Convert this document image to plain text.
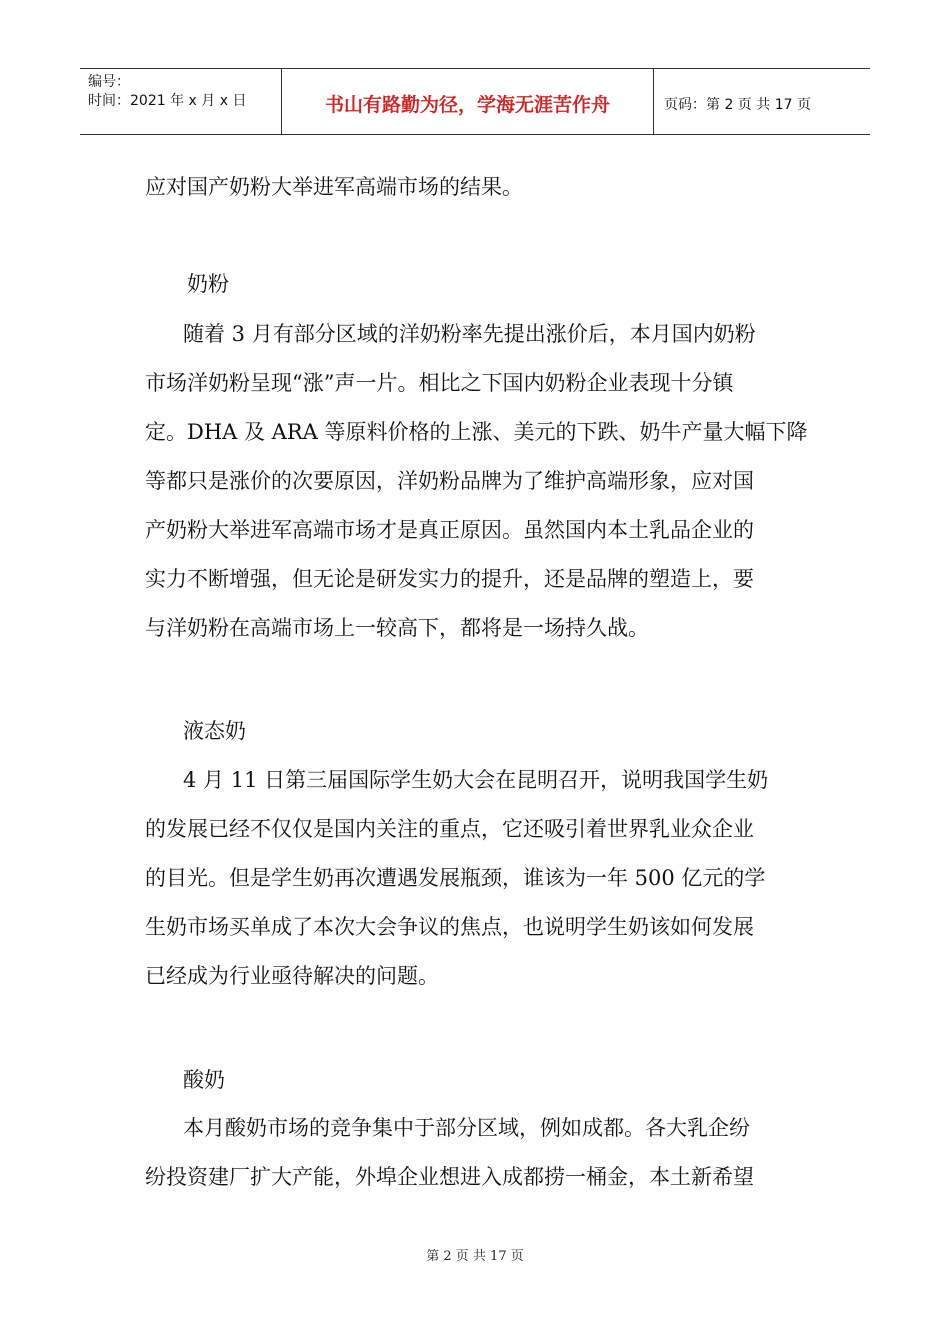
编号：
时间：2021 年 x 月 x 日	书山有路勤为径，学海无涯苦作舟	页码：第 2 页 共 17 页
应对国产奶粉大举进军高端市场的结果。
奶粉
随着 3 月有部分区域的洋奶粉率先提出涨价后，本月国内奶粉
市场洋奶粉呈现“涨”声一片。相比之下国内奶粉企业表现十分镇
定。DHA 及 ARA 等原料价格的上涨、美元的下跌、奶牛产量大幅下降
等都只是涨价的次要原因，洋奶粉品牌为了维护高端形象，应对国
产奶粉大举进军高端市场才是真正原因。虽然国内本土乳品企业的
实力不断增强，但无论是研发实力的提升，还是品牌的塑造上，要
与洋奶粉在高端市场上一较高下，都将是一场持久战。
液态奶
4 月 11 日第三届国际学生奶大会在昆明召开，说明我国学生奶
的发展已经不仅仅是国内关注的重点，它还吸引着世界乳业众企业
的目光。但是学生奶再次遭遇发展瓶颈，谁该为一年 500 亿元的学
生奶市场买单成了本次大会争议的焦点，也说明学生奶该如何发展
已经成为行业亟待解决的问题。
酸奶
本月酸奶市场的竞争集中于部分区域，例如成都。各大乳企纷
纷投资建厂扩大产能，外埠企业想进入成都捞一桶金，本土新希望
第 2 页 共 17 页
